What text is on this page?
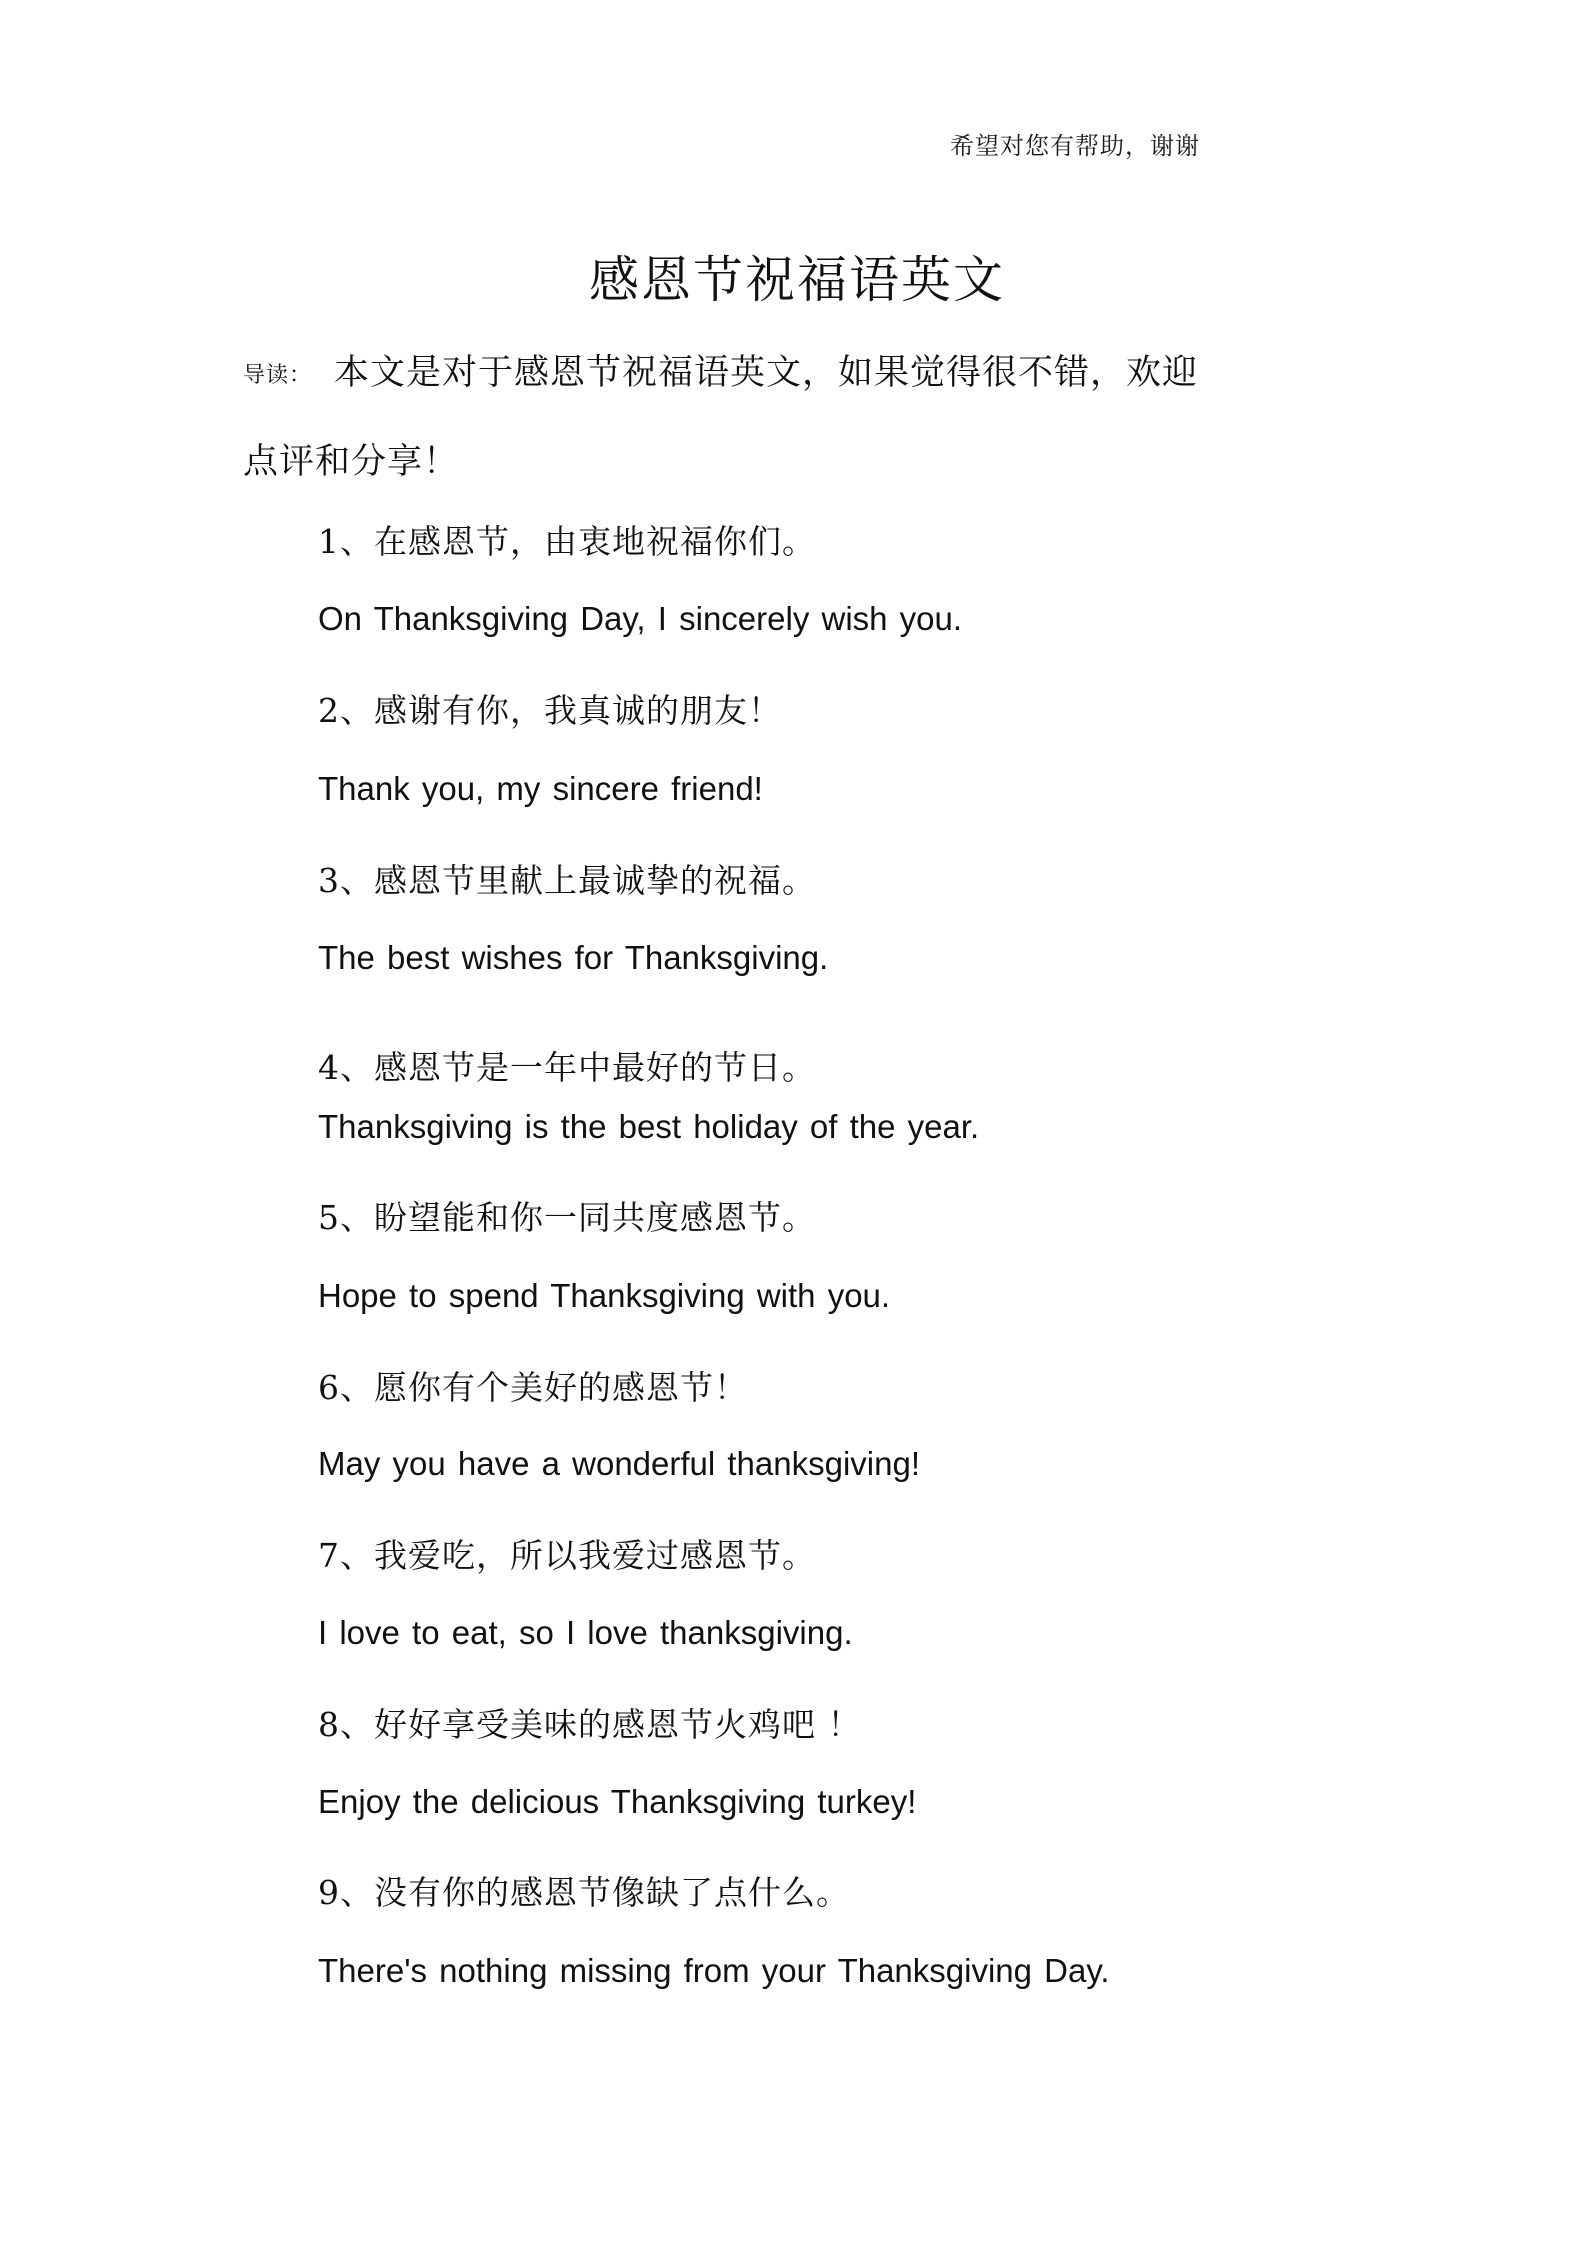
希望对您有帮助，谢谢
感恩节祝福语英文
导读： 本文是对于感恩节祝福语英文，如果觉得很不错，欢迎
点评和分享！
1、在感恩节，由衷地祝福你们。
On Thanksgiving Day, I sincerely wish you.
2、感谢有你，我真诚的朋友！
Thank you, my sincere friend!
3、感恩节里献上最诚挚的祝福。
The best wishes for Thanksgiving.
4、感恩节是一年中最好的节日。
Thanksgiving is the best holiday of the year.
5、盼望能和你一同共度感恩节。
Hope to spend Thanksgiving with you.
6、愿你有个美好的感恩节！
May you have a wonderful thanksgiving!
7、我爱吃，所以我爱过感恩节。
I love to eat, so I love thanksgiving.
8、好好享受美味的感恩节火鸡吧 ！
Enjoy the delicious Thanksgiving turkey!
9、没有你的感恩节像缺了点什么。
There's nothing missing from your Thanksgiving Day.
